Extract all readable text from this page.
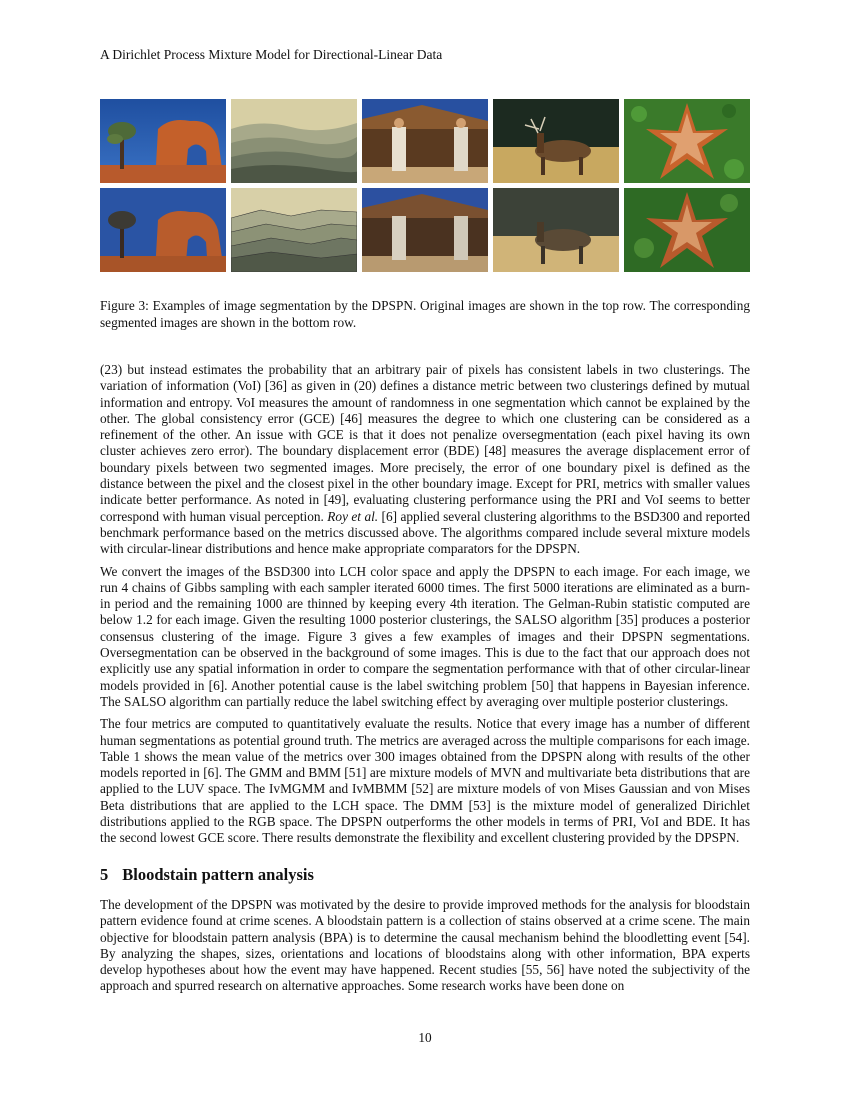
A Dirichlet Process Mixture Model for Directional-Linear Data
Figure 3: Examples of image segmentation by the DPSPN. Original images are shown in the top row. The corresponding segmented images are shown in the bottom row.

(23) but instead estimates the probability that an arbitrary pair of pixels has consistent labels in two clusterings. The variation of information (VoI) [36] as given in (20) defines a distance metric between two clusterings defined by mutual information and entropy. VoI measures the amount of randomness in one segmentation which cannot be explained by the other. The global consistency error (GCE) [46] measures the degree to which one clustering can be considered as a refinement of the other. An issue with GCE is that it does not penalize oversegmentation (each pixel having its own cluster achieves zero error). The boundary displacement error (BDE) [48] measures the average displacement error of boundary pixels between two segmented images. More precisely, the error of one boundary pixel is defined as the distance between the pixel and the closest pixel in the other boundary image. Except for PRI, metrics with smaller values indicate better performance. As noted in [49], evaluating clustering performance using the PRI and VoI seems to better correspond with human visual perception. Roy et al. [6] applied several clustering algorithms to the BSD300 and reported benchmark performance based on the metrics discussed above. The algorithms compared include several mixture models with circular-linear distributions and hence make appropriate comparators for the DPSPN.

We convert the images of the BSD300 into LCH color space and apply the DPSPN to each image. For each image, we run 4 chains of Gibbs sampling with each sampler iterated 6000 times. The first 5000 iterations are eliminated as a burn-in period and the remaining 1000 are thinned by keeping every 4th iteration. The Gelman-Rubin statistic computed are below 1.2 for each image. Given the resulting 1000 posterior clusterings, the SALSO algorithm [35] produces a posterior consensus clustering of the image. Figure 3 gives a few examples of images and their DPSPN segmentations. Oversegmentation can be observed in the background of some images. This is due to the fact that our approach does not explicitly use any spatial information in order to compare the segmentation performance with that of other circular-linear models provided in [6]. Another potential cause is the label switching problem [50] that happens in Bayesian inference. The SALSO algorithm can partially reduce the label switching effect by averaging over multiple posterior clusterings.

The four metrics are computed to quantitatively evaluate the results. Notice that every image has a number of different human segmentations as potential ground truth. The metrics are averaged across the multiple comparisons for each image. Table 1 shows the mean value of the metrics over 300 images obtained from the DPSPN along with results of the other models reported in [6]. The GMM and BMM [51] are mixture models of MVN and multivariate beta distributions that are applied to the LUV space. The IvMGMM and IvMBMM [52] are mixture models of von Mises Gaussian and von Mises Beta distributions that are applied to the LCH space. The DMM [53] is the mixture model of generalized Dirichlet distributions applied to the RGB space. The DPSPN outperforms the other models in terms of PRI, VoI and BDE. It has the second lowest GCE score. There results demonstrate the flexibility and excellent clustering provided by the DPSPN.

5 Bloodstain pattern analysis

The development of the DPSPN was motivated by the desire to provide improved methods for the analysis for bloodstain pattern evidence found at crime scenes. A bloodstain pattern is a collection of stains observed at a crime scene. The main objective for bloodstain pattern analysis (BPA) is to determine the causal mechanism behind the bloodletting event [54]. By analyzing the shapes, sizes, orientations and locations of bloodstains along with other information, BPA experts develop hypotheses about how the event may have happened. Recent studies [55, 56] have noted the subjectivity of the approach and spurred research on alternative approaches. Some research works have been done on

10
